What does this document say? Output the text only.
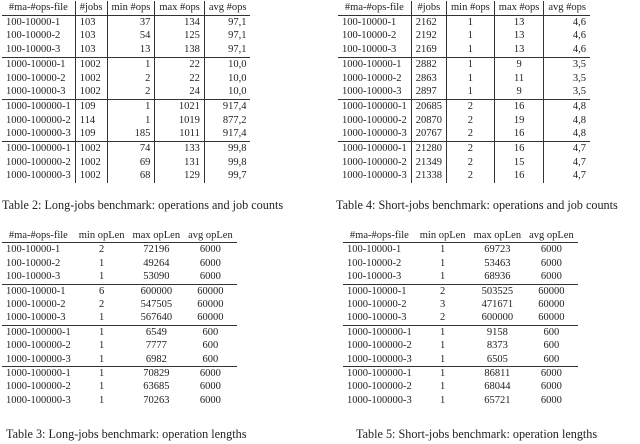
#ma-#ops-file	#jobs	min #ops	max #ops	avg #ops
100-10000-1	103	37	134	97,1
100-10000-2	103	54	125	97,1
100-10000-3	103	13	138	97,1
1000-10000-1	1002	1	22	10,0
1000-10000-2	1002	2	22	10,0
1000-10000-3	1002	2	24	10,0
1000-100000-1	109	1	1021	917,4
1000-100000-2	114	1	1019	877,2
1000-100000-3	109	185	1011	917,4
1000-100000-1	1002	74	133	99,8
1000-100000-2	1002	69	131	99,8
1000-100000-3	1002	68	129	99,7
Table 2: Long-jobs benchmark: operations and job counts
#ma-#ops-file	#jobs	min #ops	max #ops	avg #ops
100-10000-1	2162	1	13	4,6
100-10000-2	2192	1	13	4,6
100-10000-3	2169	1	13	4,6
1000-10000-1	2882	1	9	3,5
1000-10000-2	2863	1	11	3,5
1000-10000-3	2897	1	9	3,5
1000-100000-1	20685	2	16	4,8
1000-100000-2	20870	2	19	4,8
1000-100000-3	20767	2	16	4,8
1000-100000-1	21280	2	16	4,7
1000-100000-2	21349	2	15	4,7
1000-100000-3	21338	2	16	4,7
Table 4: Short-jobs benchmark: operations and job counts
#ma-#ops-file	min opLen	max opLen	avg opLen
100-10000-1	2	72196	6000
100-10000-2	1	49264	6000
100-10000-3	1	53090	6000
1000-10000-1	6	600000	60000
1000-10000-2	2	547505	60000
1000-10000-3	1	567640	60000
1000-100000-1	1	6549	600
1000-100000-2	1	7777	600
1000-100000-3	1	6982	600
1000-100000-1	1	70829	6000
1000-100000-2	1	63685	6000
1000-100000-3	1	70263	6000
Table 3: Long-jobs benchmark: operation lengths
#ma-#ops-file	min opLen	max opLen	avg opLen
100-10000-1	1	69723	6000
100-10000-2	1	53463	6000
100-10000-3	1	68936	6000
1000-10000-1	2	503525	60000
1000-10000-2	3	471671	60000
1000-10000-3	2	600000	60000
1000-100000-1	1	9158	600
1000-100000-2	1	8373	600
1000-100000-3	1	6505	600
1000-100000-1	1	86811	6000
1000-100000-2	1	68044	6000
1000-100000-3	1	65721	6000
Table 5: Short-jobs benchmark: operation lengths
